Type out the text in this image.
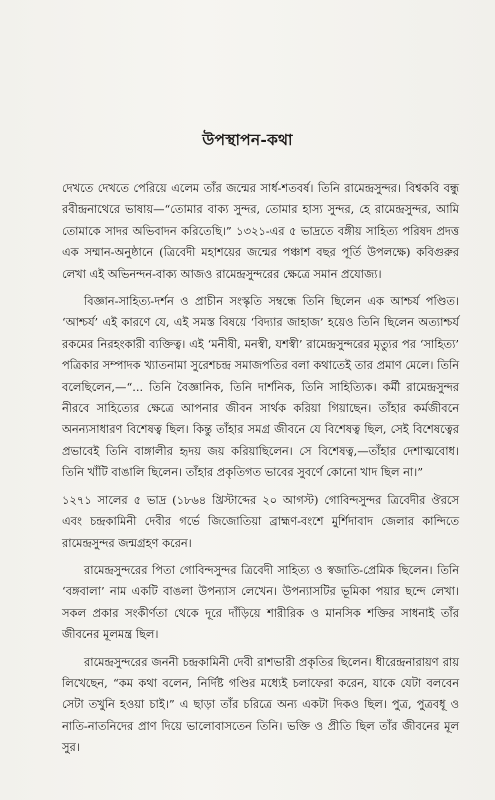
উপস্থাপন-কথা

দেখতে দেখতে পেরিয়ে এলেম তাঁর জন্মের সার্ধ-শতবর্ষ। তিনি রামেন্দ্রসুন্দর। বিশ্বকবি বন্ধু রবীন্দ্রনাথেরে ভাষায়—“তোমার বাক্য সুন্দর, তোমার হাস্য সুন্দর, হে রামেন্দ্রসুন্দর, আমি তোমাকে সাদর অভিবাদন করিতেছি।” ১৩২১-এর ৫ ভাদ্রতে বঙ্গীয় সাহিত্য পরিষদ প্রদত্ত এক সম্মান-অনুষ্ঠানে (ত্রিবেদী মহাশয়ের জন্মের পঞ্চাশ বছর পূর্তি উপলক্ষে) কবিগুরুর লেখা এই অভিনন্দন-বাক্য আজও রামেন্দ্রসুন্দরের ক্ষেত্রে সমান প্রযোজ্য।

বিজ্ঞান-সাহিত্য-দর্শন ও প্রাচীন সংস্কৃতি সম্বন্ধে তিনি ছিলেন এক আশ্চর্য পণ্ডিত। ‘আশ্চর্য’ এই কারণে যে, এই সমস্ত বিষয়ে ‘বিদ্যার জাহাজ’ হয়েও তিনি ছিলেন অত্যাশ্চর্য রকমের নিরহংকারী ব্যক্তিত্ব। এই ‘মনীষী, মনস্বী, যশস্বী’ রামেন্দ্রসুন্দরের মৃত্যুর পর ‘সাহিত্য’ পত্রিকার সম্পাদক খ্যাতনামা সুরেশচন্দ্র সমাজপতির বলা কথাতেই তার প্রমাণ মেলে। তিনি বলেছিলেন,—“... তিনি বৈজ্ঞানিক, তিনি দার্শনিক, তিনি সাহিত্যিক। কর্মী রামেন্দ্রসুন্দর নীরবে সাহিত্যের ক্ষেত্রে আপনার জীবন সার্থক করিয়া গিয়াছেন। তাঁহার কর্মজীবনে অনন্যসাধারণ বিশেষত্ব ছিল। কিন্তু তাঁহার সমগ্র জীবনে যে বিশেষত্ব ছিল, সেই বিশেষত্বের প্রভাবেই তিনি বাঙ্গালীর হৃদয় জয় করিয়াছিলেন। সে বিশেষত্ব,—তাঁহার দেশাত্মবোধ। তিনি খাঁটি বাঙালি ছিলেন। তাঁহার প্রকৃতিগত ভাবের সুবর্ণে কোনো খাদ ছিল না।”

১২৭১ সালের ৫ ভাদ্র (১৮৬৪ খ্রিস্টাব্দের ২০ আগস্ট) গোবিন্দসুন্দর ত্রিবেদীর ঔরসে এবং চন্দ্রকামিনী দেবীর গর্ভে জিজোতিয়া ব্রাহ্মণ-বংশে মুর্শিদাবাদ জেলার কান্দিতে রামেন্দ্রসুন্দর জন্মগ্রহণ করেন।

রামেন্দ্রসুন্দরের পিতা গোবিন্দসুন্দর ত্রিবেদী সাহিত্য ও স্বজাতি-প্রেমিক ছিলেন। তিনি ‘বঙ্গবালা’ নাম একটি বাঙলা উপন্যাস লেখেন। উপন্যাসটির ভূমিকা পয়ার ছন্দে লেখা। সকল প্রকার সংকীর্ণতা থেকে দূরে দাঁড়িয়ে শারীরিক ও মানসিক শক্তির সাধনাই তাঁর জীবনের মূলমন্ত্র ছিল।

রামেন্দ্রসুন্দরের জননী চন্দ্রকামিনী দেবী রাশভারী প্রকৃতির ছিলেন। ধীরেন্দ্রনারায়ণ রায় লিখেছেন, “কম কথা বলেন, নির্দিষ্ট গণ্ডির মধ্যেই চলাফেরা করেন, যাকে যেটা বলবেন সেটা তখুনি হওয়া চাই।” এ ছাড়া তাঁর চরিত্রে অন্য একটা দিকও ছিল। পুত্র, পুত্রবধূ ও নাতি-নাতনিদের প্রাণ দিয়ে ভালোবাসতেন তিনি। ভক্তি ও প্রীতি ছিল তাঁর জীবনের মূল সুর।
